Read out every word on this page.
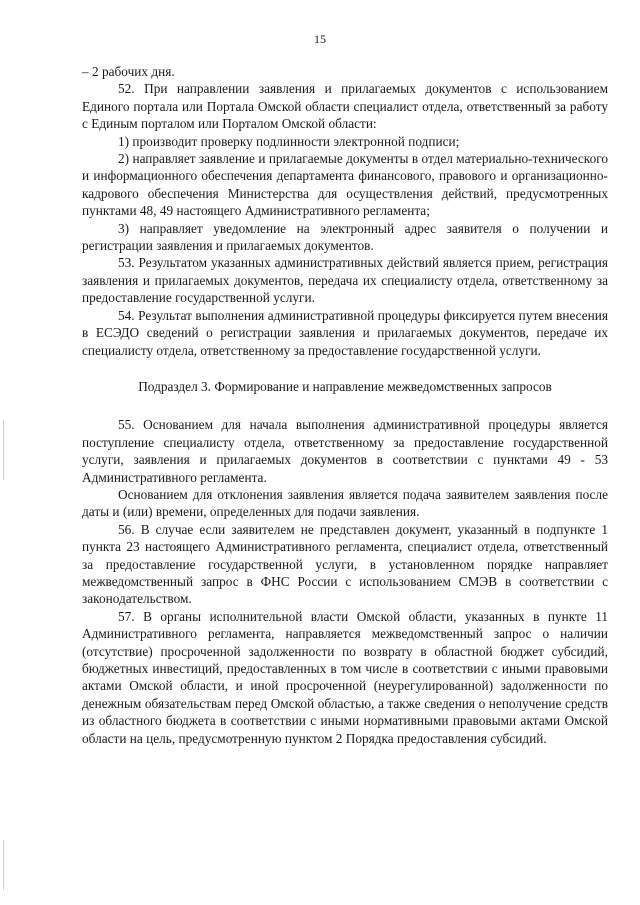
15

– 2 рабочих дня.

52. При направлении заявления и прилагаемых документов с использованием Единого портала или Портала Омской области специалист отдела, ответственный за работу с Единым порталом или Порталом Омской области:

1) производит проверку подлинности электронной подписи;

2) направляет заявление и прилагаемые документы в отдел материально-технического и информационного обеспечения департамента финансового, правового и организационно-кадрового обеспечения Министерства для осуществления действий, предусмотренных пунктами 48, 49 настоящего Административного регламента;

3) направляет уведомление на электронный адрес заявителя о получении и регистрации заявления и прилагаемых документов.

53. Результатом указанных административных действий является прием, регистрация заявления и прилагаемых документов, передача их специалисту отдела, ответственному за предоставление государственной услуги.

54. Результат выполнения административной процедуры фиксируется путем внесения в ЕСЭДО сведений о регистрации заявления и прилагаемых документов, передаче их специалисту отдела, ответственному за предоставление государственной услуги.

Подраздел 3. Формирование и направление межведомственных запросов

55. Основанием для начала выполнения административной процедуры является поступление специалисту отдела, ответственному за предоставление государственной услуги, заявления и прилагаемых документов в соответствии с пунктами 49 - 53 Административного регламента.

Основанием для отклонения заявления является подача заявителем заявления после даты и (или) времени, определенных для подачи заявления.

56. В случае если заявителем не представлен документ, указанный в подпункте 1 пункта 23 настоящего Административного регламента, специалист отдела, ответственный за предоставление государственной услуги, в установленном порядке направляет межведомственный запрос в ФНС России с использованием СМЭВ в соответствии с законодательством.

57. В органы исполнительной власти Омской области, указанных в пункте 11 Административного регламента, направляется межведомственный запрос о наличии (отсутствие) просроченной задолженности по возврату в областной бюджет субсидий, бюджетных инвестиций, предоставленных в том числе в соответствии с иными правовыми актами Омской области, и иной просроченной (неурегулированной) задолженности по денежным обязательствам перед Омской областью, а также сведения о неполучение средств из областного бюджета в соответствии с иными нормативными правовыми актами Омской области на цель, предусмотренную пунктом 2 Порядка предоставления субсидий.
